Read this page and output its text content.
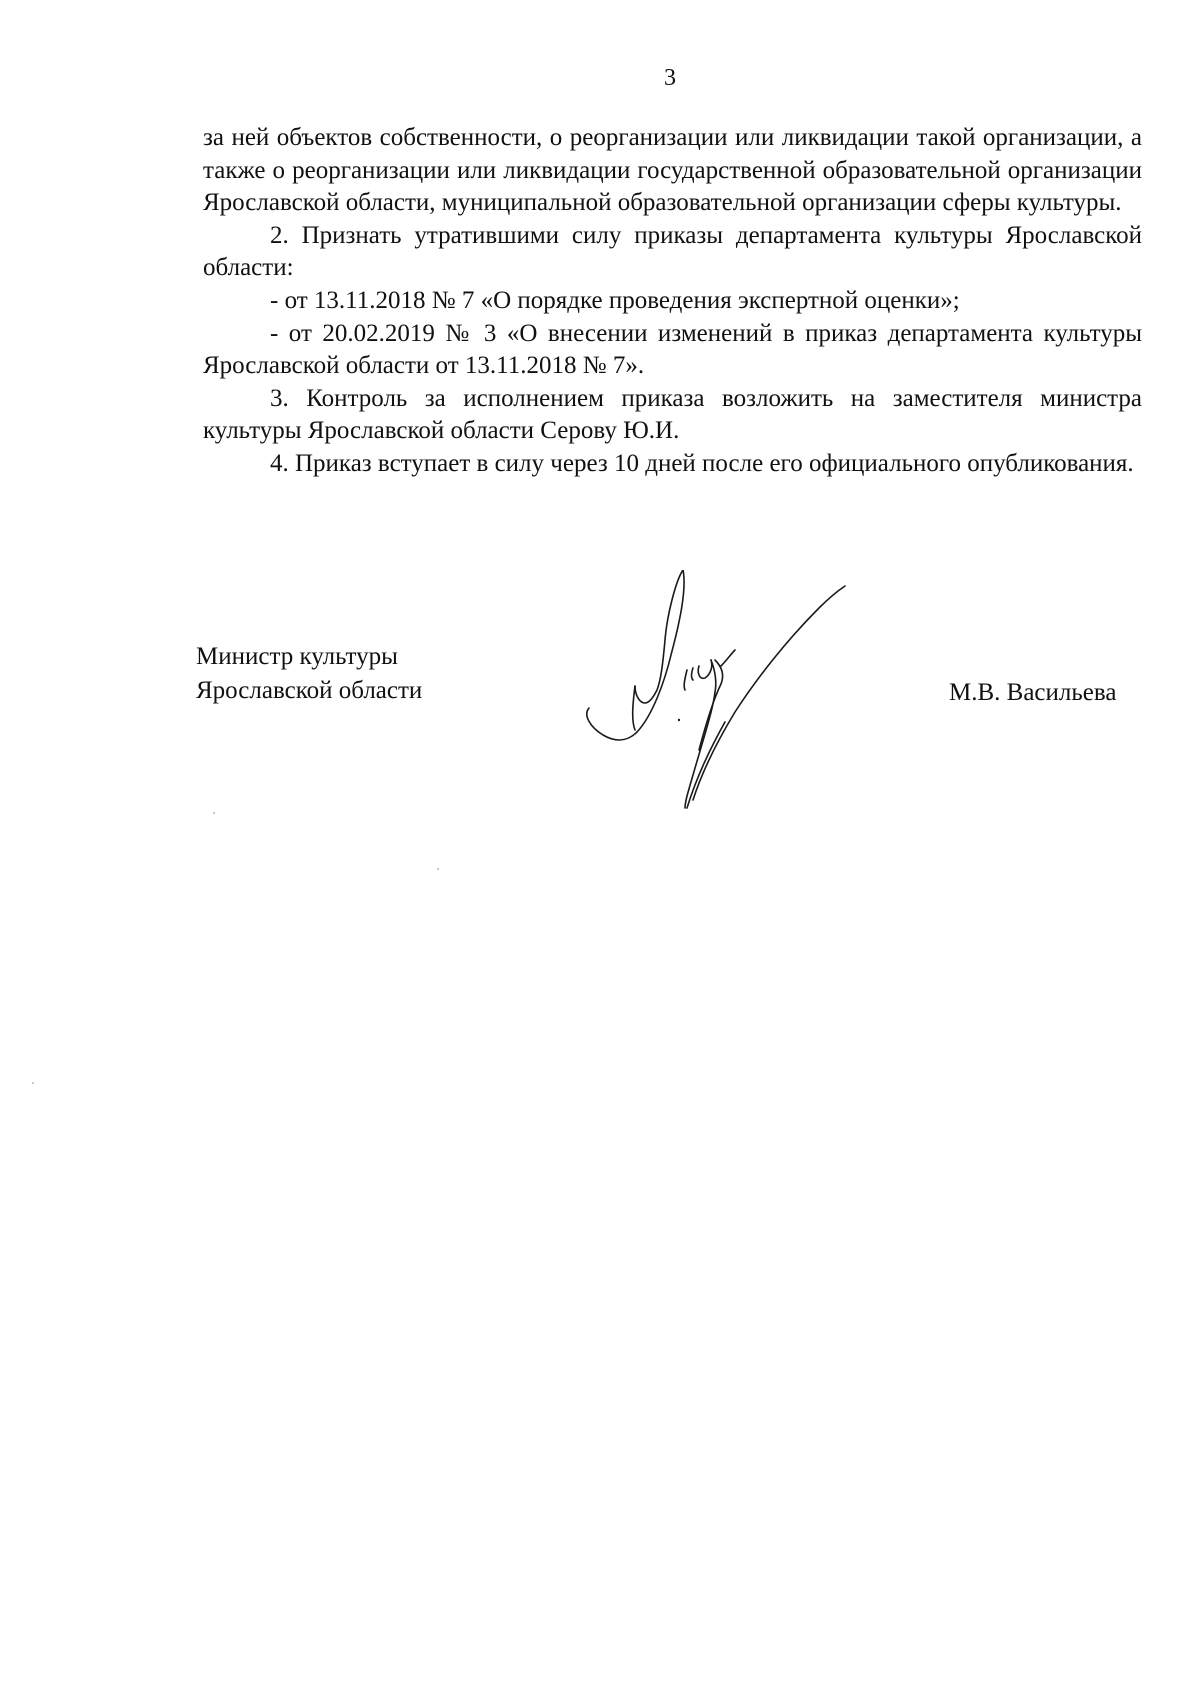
3

за ней объектов собственности, о реорганизации или ликвидации такой организации, а также о реорганизации или ликвидации государственной образовательной организации Ярославской области, муниципальной образовательной организации сферы культуры.

2. Признать утратившими силу приказы департамента культуры Ярославской области:

- от 13.11.2018 № 7 «О порядке проведения экспертной оценки»;

- от 20.02.2019 № 3 «О внесении изменений в приказ департамента культуры Ярославской области от 13.11.2018 № 7».

3. Контроль за исполнением приказа возложить на заместителя министра культуры Ярославской области Серову Ю.И.

4. Приказ вступает в силу через 10 дней после его официального опубликования.

Министр культуры
Ярославской области	М.В. Васильева
